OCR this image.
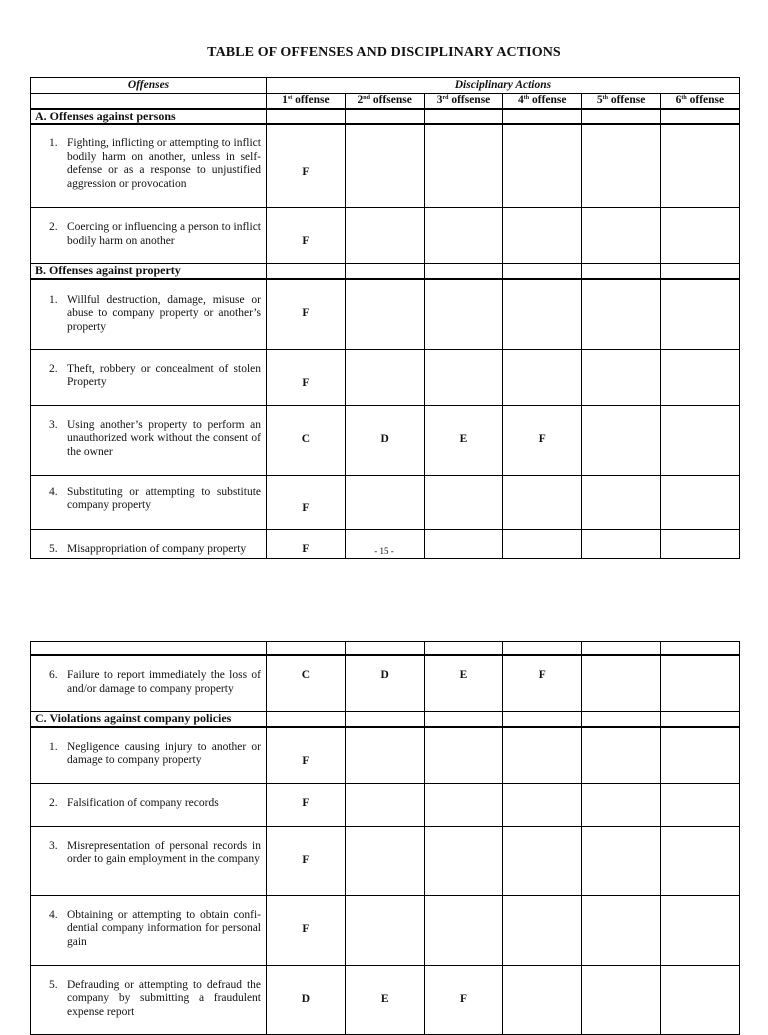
TABLE OF OFFENSES AND DISCIPLINARY ACTIONS
Offenses	Disciplinary Actions					
	1st offense	2nd offsense	3rd offsense	4th offense	5th offense	6th offense
A. Offenses against persons						

1. Fighting, inflicting or attempting to inflict bodily harm on another, unless in self-defense or as a response to unjustified aggression or provocation	F					

2. Coercing or influencing a person to inflict bodily harm on another	F					
B. Offenses against property						

1. Willful destruction, damage, misuse or abuse to company property or another’s property	F					

2. Theft, robbery or concealment of stolen Property	F					

3. Using another’s property to perform an unauthorized work without the consent of the owner	C	D	E	F		

4. Substituting or attempting to substitute company property	F					

5. Misappropriation of company property	F						- 15 -

6. Failure to report immediately the loss of and/or damage to company property	C	D	E	F		
C. Violations against company policies						

1. Negligence causing injury to another or damage to company property	F					

2. Falsification of company records	F					

3. Misrepresentation of personal records in order to gain employment in the company	F					

4. Obtaining or attempting to obtain confi-dential company information for personal gain	F					

5. Defrauding or attempting to defraud the company by submitting a fraudulent expense report	D	E	F			
